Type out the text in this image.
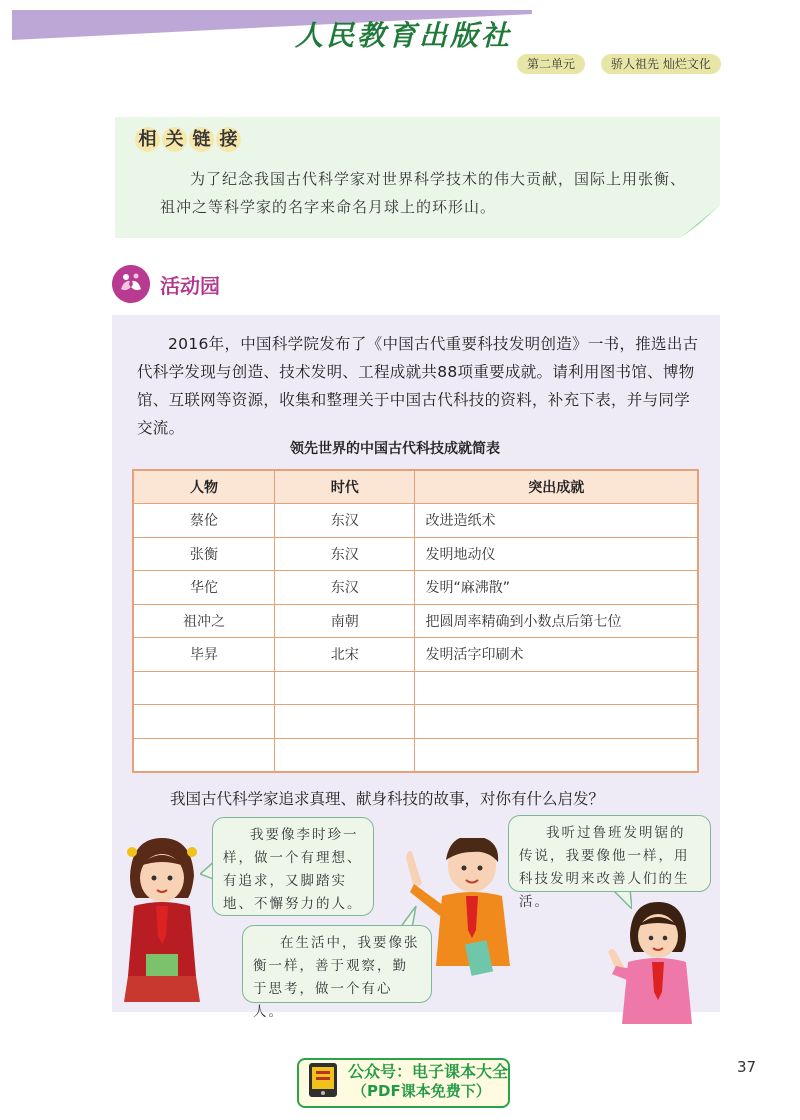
人民教育出版社
第二单元	骄人祖先 灿烂文化
相 关 链 接
为了纪念我国古代科学家对世界科学技术的伟大贡献，国际上用张衡、祖冲之等科学家的名字来命名月球上的环形山。
活动园
2016年，中国科学院发布了《中国古代重要科技发明创造》一书，推选出古代科学发现与创造、技术发明、工程成就共88项重要成就。请利用图书馆、博物馆、互联网等资源，收集和整理关于中国古代科技的资料，补充下表，并与同学交流。
领先世界的中国古代科技成就简表
人物	时代	突出成就
蔡伦	东汉	改进造纸术
张衡	东汉	发明地动仪
华佗	东汉	发明“麻沸散”
祖冲之	南朝	把圆周率精确到小数点后第七位
毕昇	北宋	发明活字印刷术

我国古代科学家追求真理、献身科技的故事，对你有什么启发？
我要像李时珍一样，做一个有理想、有追求，又脚踏实地、不懈努力的人。
在生活中，我要像张衡一样，善于观察，勤于思考，做一个有心人。
我听过鲁班发明锯的传说，我要像他一样，用科技发明来改善人们的生活。
公众号：电子课本大全
（PDF课本免费下）
37
